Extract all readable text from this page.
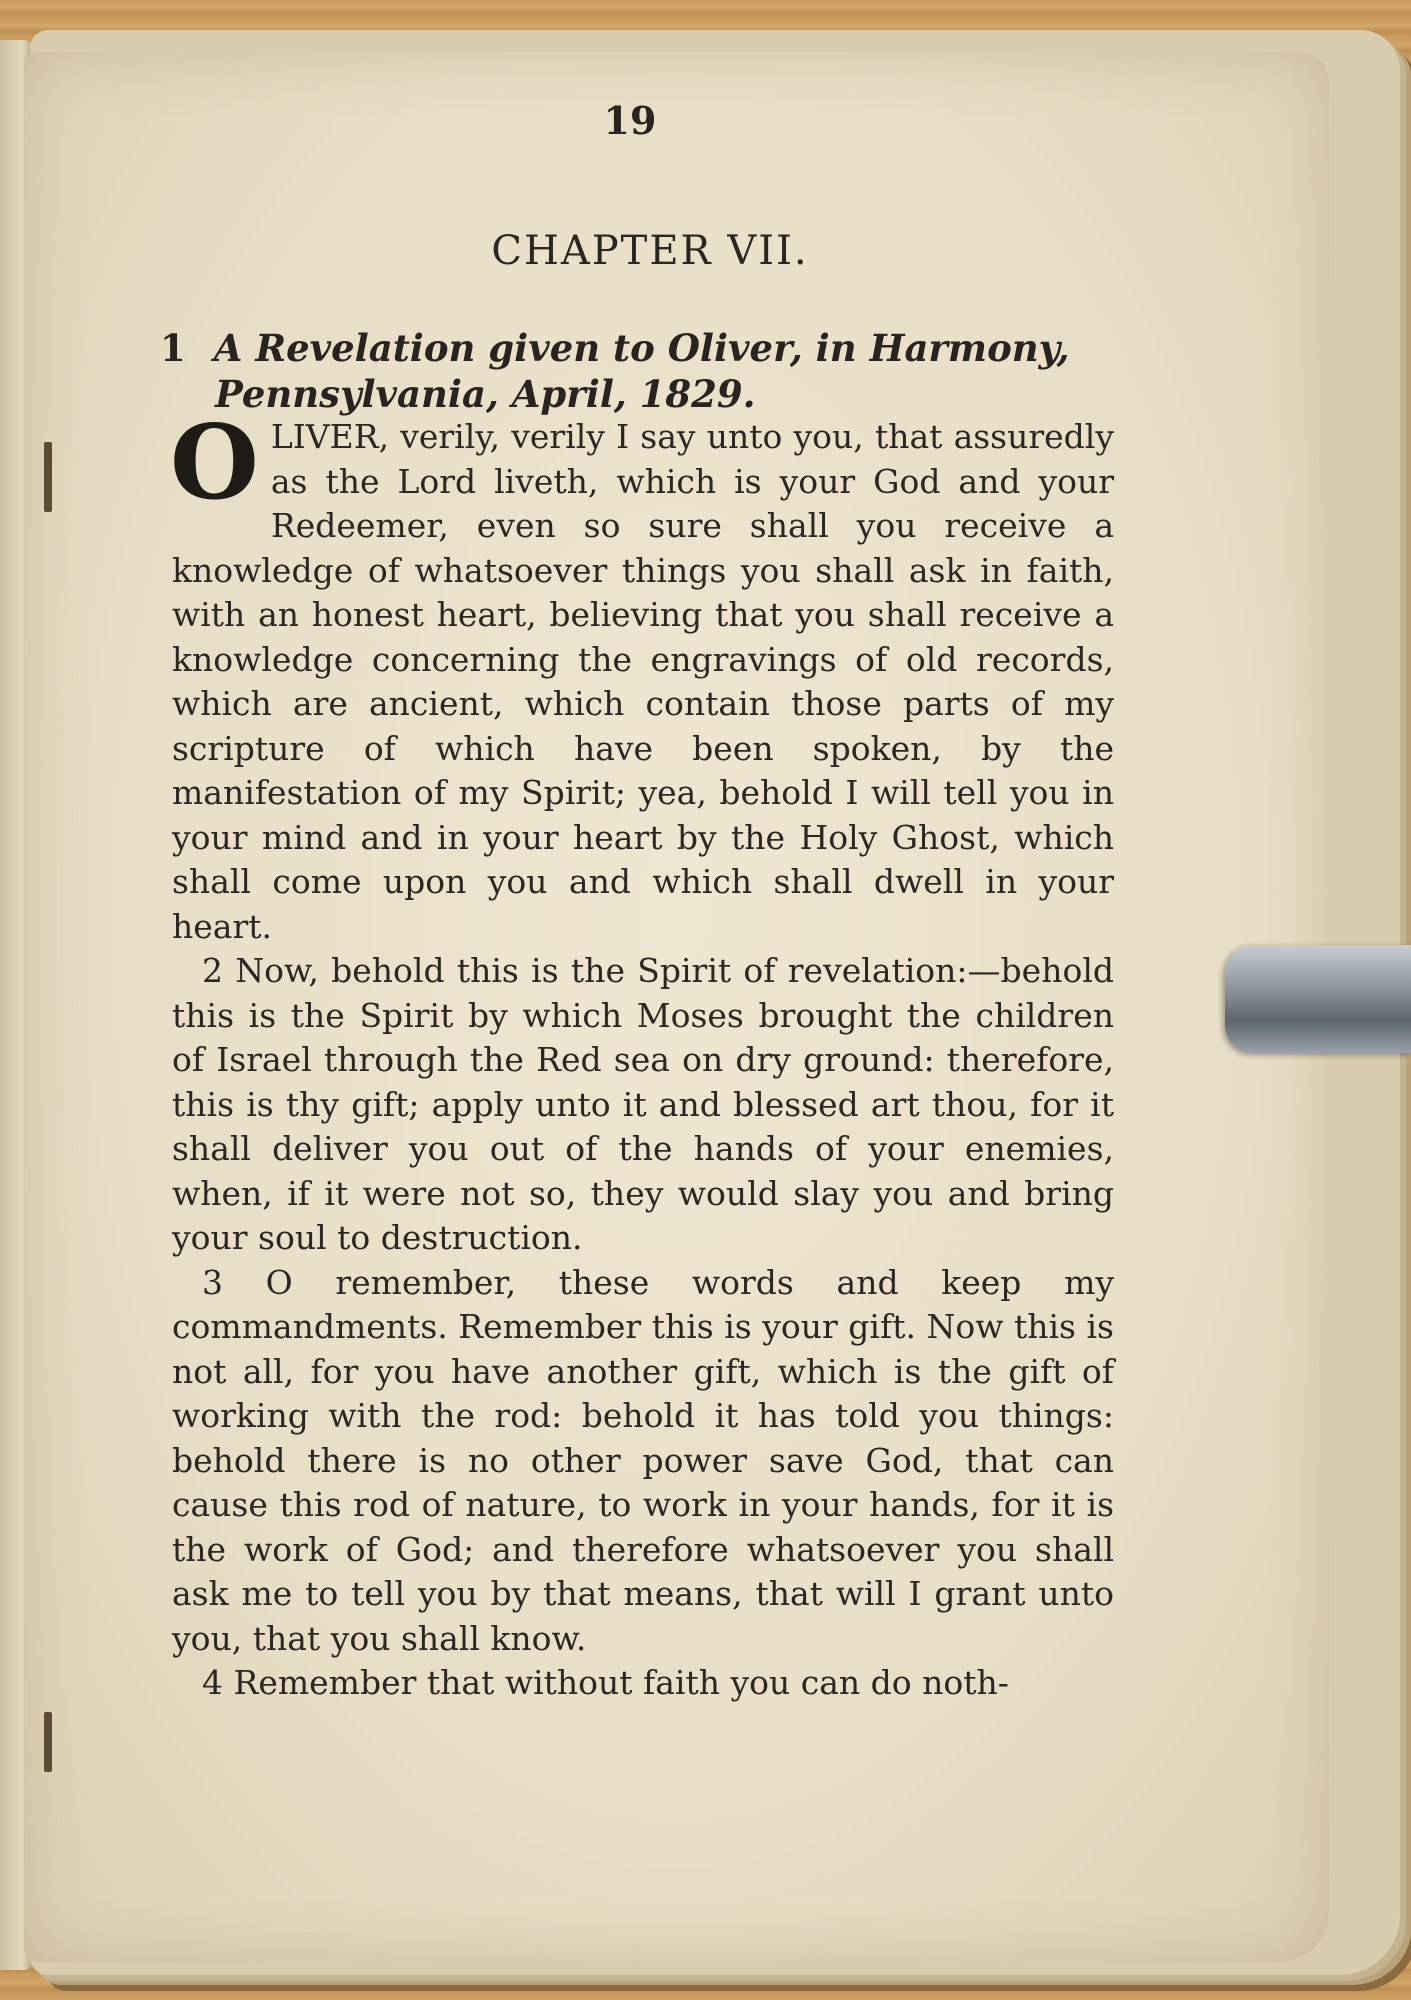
19
CHAPTER VII.
1 A Revelation given to Oliver, in Harmony,
Pennsylvania, April, 1829.

OLIVER, verily, verily I say unto you, that assuredly as the Lord liveth, which is your God and your Redeemer, even so sure shall you receive a knowledge of whatsoever things you shall ask in faith, with an honest heart, believing that you shall receive a knowledge concerning the engravings of old records, which are ancient, which contain those parts of my scripture of which have been spoken, by the manifestation of my Spirit; yea, behold I will tell you in your mind and in your heart by the Holy Ghost, which shall come upon you and which shall dwell in your heart.

2 Now, behold this is the Spirit of revelation:—behold this is the Spirit by which Moses brought the children of Israel through the Red sea on dry ground: therefore, this is thy gift; apply unto it and blessed art thou, for it shall deliver you out of the hands of your enemies, when, if it were not so, they would slay you and bring your soul to destruction.

3 O remember, these words and keep my commandments. Remember this is your gift. Now this is not all, for you have another gift, which is the gift of working with the rod: behold it has told you things: behold there is no other power save God, that can cause this rod of nature, to work in your hands, for it is the work of God; and therefore whatsoever you shall ask me to tell you by that means, that will I grant unto you, that you shall know.

4 Remember that without faith you can do noth-
